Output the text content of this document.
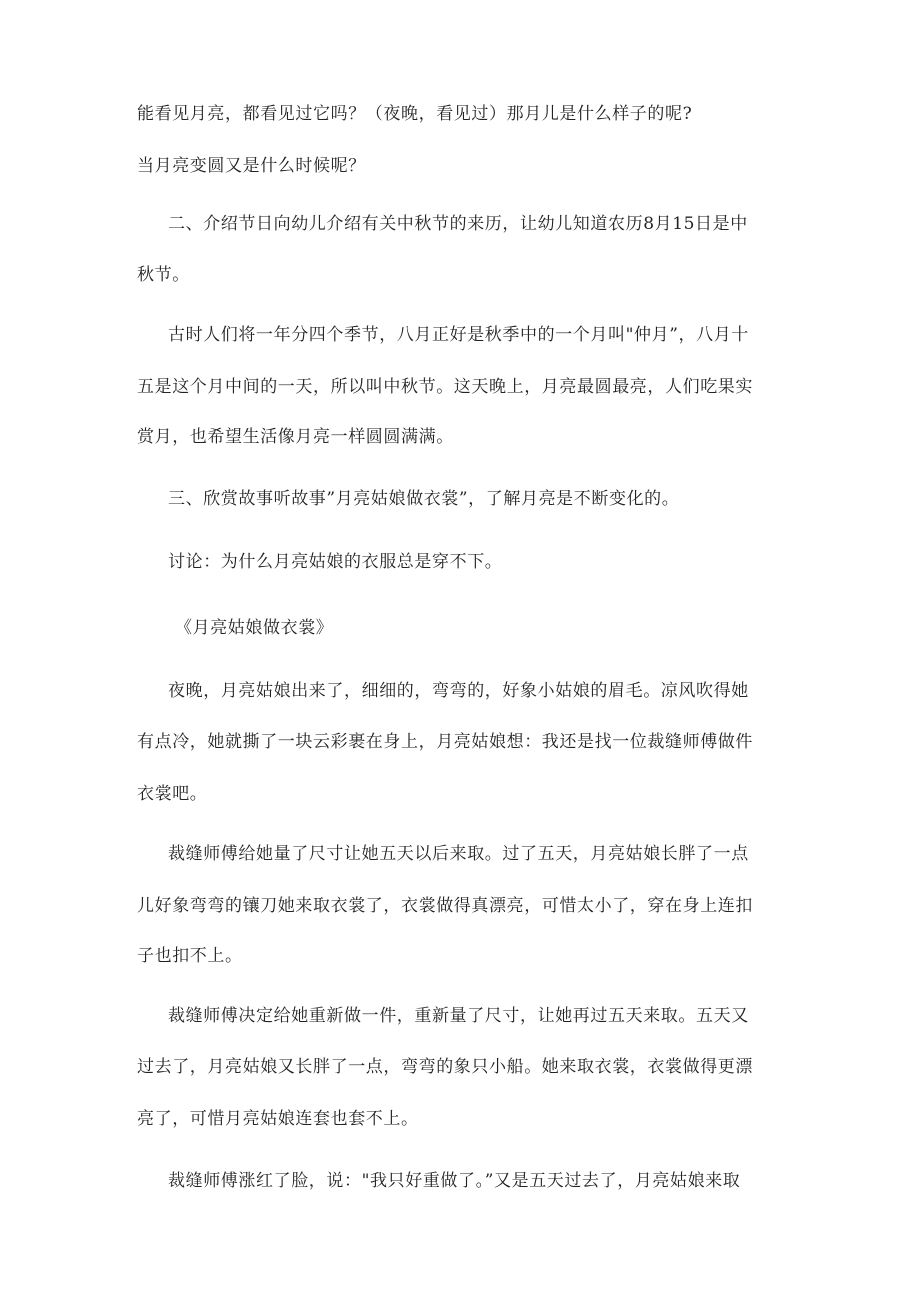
能看见月亮，都看见过它吗？（夜晚，看见过）那月儿是什么样子的呢?
当月亮变圆又是什么时候呢？
二、介绍节日向幼儿介绍有关中秋节的来历，让幼儿知道农历8月15日是中
秋节。
古时人们将一年分四个季节，八月正好是秋季中的一个月叫"仲月”，八月十
五是这个月中间的一天，所以叫中秋节。这天晚上，月亮最圆最亮，人们吃果实
赏月，也希望生活像月亮一样圆圆满满。
三、欣赏故事听故事”月亮姑娘做衣裳”，了解月亮是不断变化的。
讨论：为什么月亮姑娘的衣服总是穿不下。
《月亮姑娘做衣裳》
夜晚，月亮姑娘出来了，细细的，弯弯的，好象小姑娘的眉毛。凉风吹得她
有点冷，她就撕了一块云彩裹在身上，月亮姑娘想：我还是找一位裁缝师傅做件
衣裳吧。
裁缝师傅给她量了尺寸让她五天以后来取。过了五天，月亮姑娘长胖了一点
儿好象弯弯的镶刀她来取衣裳了，衣裳做得真漂亮，可惜太小了，穿在身上连扣
子也扣不上。
裁缝师傅决定给她重新做一件，重新量了尺寸，让她再过五天来取。五天又
过去了，月亮姑娘又长胖了一点，弯弯的象只小船。她来取衣裳，衣裳做得更漂
亮了，可惜月亮姑娘连套也套不上。
裁缝师傅涨红了脸，说："我只好重做了。”又是五天过去了，月亮姑娘来取
